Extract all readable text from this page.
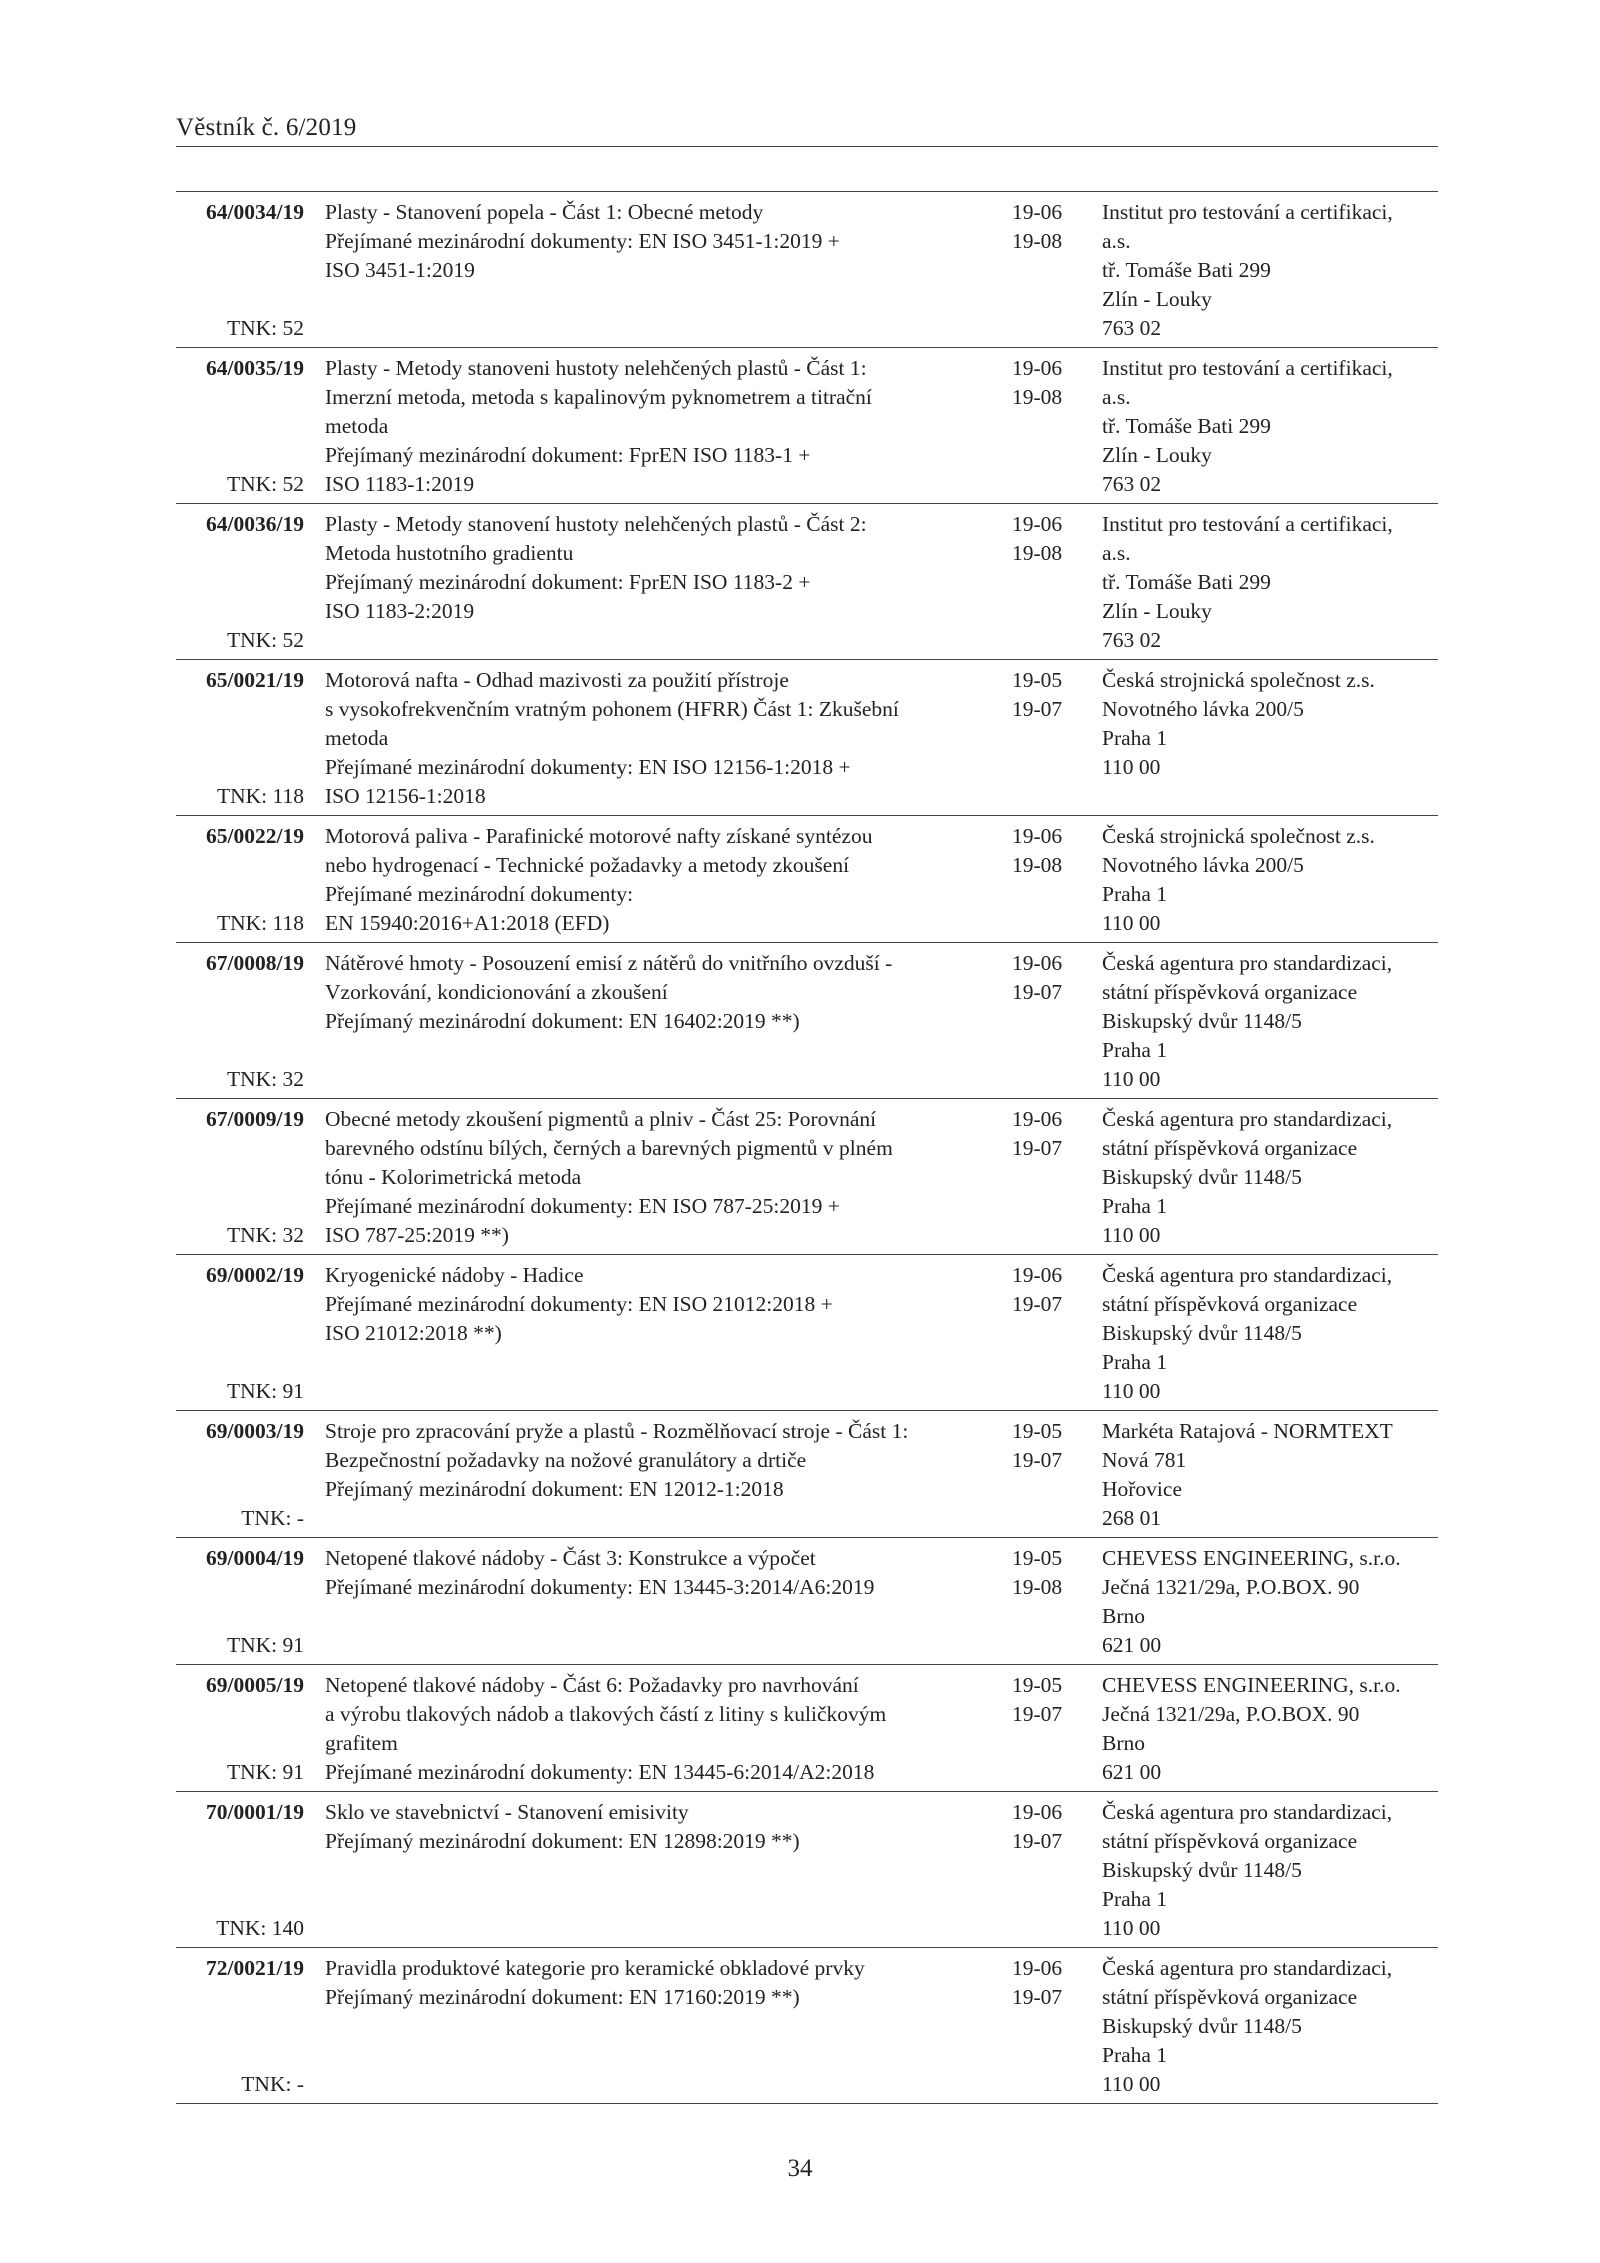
Věstník č. 6/2019
64/0034/19
TNK: 52
Plasty - Stanovení popela - Část 1: Obecné metody
Přejímané mezinárodní dokumenty: EN ISO 3451-1:2019 +
ISO 3451-1:2019
19-06
19-08
Institut pro testování a certifikaci,
a.s.
tř. Tomáše Bati 299
Zlín - Louky
763 02
64/0035/19
TNK: 52
Plasty - Metody stanoveni hustoty nelehčených plastů - Část 1:
Imerzní metoda, metoda s kapalinovým pyknometrem a titrační
metoda
Přejímaný mezinárodní dokument: FprEN ISO 1183-1 +
ISO 1183-1:2019
19-06
19-08
Institut pro testování a certifikaci,
a.s.
tř. Tomáše Bati 299
Zlín - Louky
763 02
64/0036/19
TNK: 52
Plasty - Metody stanovení hustoty nelehčených plastů - Část 2:
Metoda hustotního gradientu
Přejímaný mezinárodní dokument: FprEN ISO 1183-2 +
ISO 1183-2:2019
19-06
19-08
Institut pro testování a certifikaci,
a.s.
tř. Tomáše Bati 299
Zlín - Louky
763 02
65/0021/19
TNK: 118
Motorová nafta - Odhad mazivosti za použití přístroje
s vysokofrekvenčním vratným pohonem (HFRR) Část 1: Zkušební
metoda
Přejímané mezinárodní dokumenty: EN ISO 12156-1:2018 +
ISO 12156-1:2018
19-05
19-07
Česká strojnická společnost z.s.
Novotného lávka 200/5
Praha 1
110 00
65/0022/19
TNK: 118
Motorová paliva - Parafinické motorové nafty získané syntézou
nebo hydrogenací - Technické požadavky a metody zkoušení
Přejímané mezinárodní dokumenty:
EN 15940:2016+A1:2018 (EFD)
19-06
19-08
Česká strojnická společnost z.s.
Novotného lávka 200/5
Praha 1
110 00
67/0008/19
TNK: 32
Nátěrové hmoty - Posouzení emisí z nátěrů do vnitřního ovzduší -
Vzorkování, kondicionování a zkoušení
Přejímaný mezinárodní dokument: EN 16402:2019 **)
19-06
19-07
Česká agentura pro standardizaci,
státní příspěvková organizace
Biskupský dvůr 1148/5
Praha 1
110 00
67/0009/19
TNK: 32
Obecné metody zkoušení pigmentů a plniv - Část 25: Porovnání
barevného odstínu bílých, černých a barevných pigmentů v plném
tónu - Kolorimetrická metoda
Přejímané mezinárodní dokumenty: EN ISO 787-25:2019 +
ISO 787-25:2019 **)
19-06
19-07
Česká agentura pro standardizaci,
státní příspěvková organizace
Biskupský dvůr 1148/5
Praha 1
110 00
69/0002/19
TNK: 91
Kryogenické nádoby - Hadice
Přejímané mezinárodní dokumenty: EN ISO 21012:2018 +
ISO 21012:2018 **)
19-06
19-07
Česká agentura pro standardizaci,
státní příspěvková organizace
Biskupský dvůr 1148/5
Praha 1
110 00
69/0003/19
TNK: -
Stroje pro zpracování pryže a plastů - Rozmělňovací stroje - Část 1:
Bezpečnostní požadavky na nožové granulátory a drtiče
Přejímaný mezinárodní dokument: EN 12012-1:2018
19-05
19-07
Markéta Ratajová - NORMTEXT
Nová 781
Hořovice
268 01
69/0004/19
TNK: 91
Netopené tlakové nádoby - Část 3: Konstrukce a výpočet
Přejímané mezinárodní dokumenty: EN 13445-3:2014/A6:2019
19-05
19-08
CHEVESS ENGINEERING, s.r.o.
Ječná 1321/29a, P.O.BOX. 90
Brno
621 00
69/0005/19
TNK: 91
Netopené tlakové nádoby - Část 6: Požadavky pro navrhování
a výrobu tlakových nádob a tlakových částí z litiny s kuličkovým
grafitem
Přejímané mezinárodní dokumenty: EN 13445-6:2014/A2:2018
19-05
19-07
CHEVESS ENGINEERING, s.r.o.
Ječná 1321/29a, P.O.BOX. 90
Brno
621 00
70/0001/19
TNK: 140
Sklo ve stavebnictví - Stanovení emisivity
Přejímaný mezinárodní dokument: EN 12898:2019 **)
19-06
19-07
Česká agentura pro standardizaci,
státní příspěvková organizace
Biskupský dvůr 1148/5
Praha 1
110 00
72/0021/19
TNK: -
Pravidla produktové kategorie pro keramické obkladové prvky
Přejímaný mezinárodní dokument: EN 17160:2019 **)
19-06
19-07
Česká agentura pro standardizaci,
státní příspěvková organizace
Biskupský dvůr 1148/5
Praha 1
110 00
34
